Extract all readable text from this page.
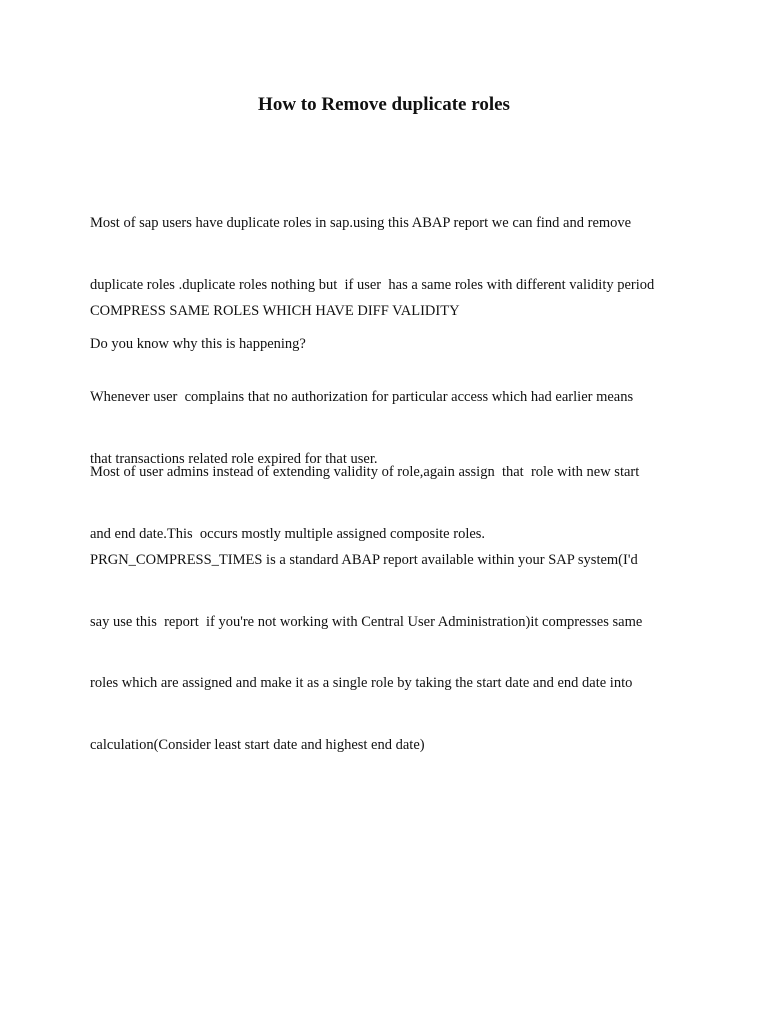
How to Remove duplicate roles

Most of sap users have duplicate roles in sap.using this ABAP report we can find and remove

duplicate roles .duplicate roles nothing but  if user  has a same roles with different validity period

COMPRESS SAME ROLES WHICH HAVE DIFF VALIDITY

Do you know why this is happening?

Whenever user  complains that no authorization for particular access which had earlier means

that transactions related role expired for that user.

Most of user admins instead of extending validity of role,again assign  that  role with new start

and end date.This  occurs mostly multiple assigned composite roles.

PRGN_COMPRESS_TIMES is a standard ABAP report available within your SAP system(I'd

say use this  report  if you're not working with Central User Administration)it compresses same

roles which are assigned and make it as a single role by taking the start date and end date into

calculation(Consider least start date and highest end date)
